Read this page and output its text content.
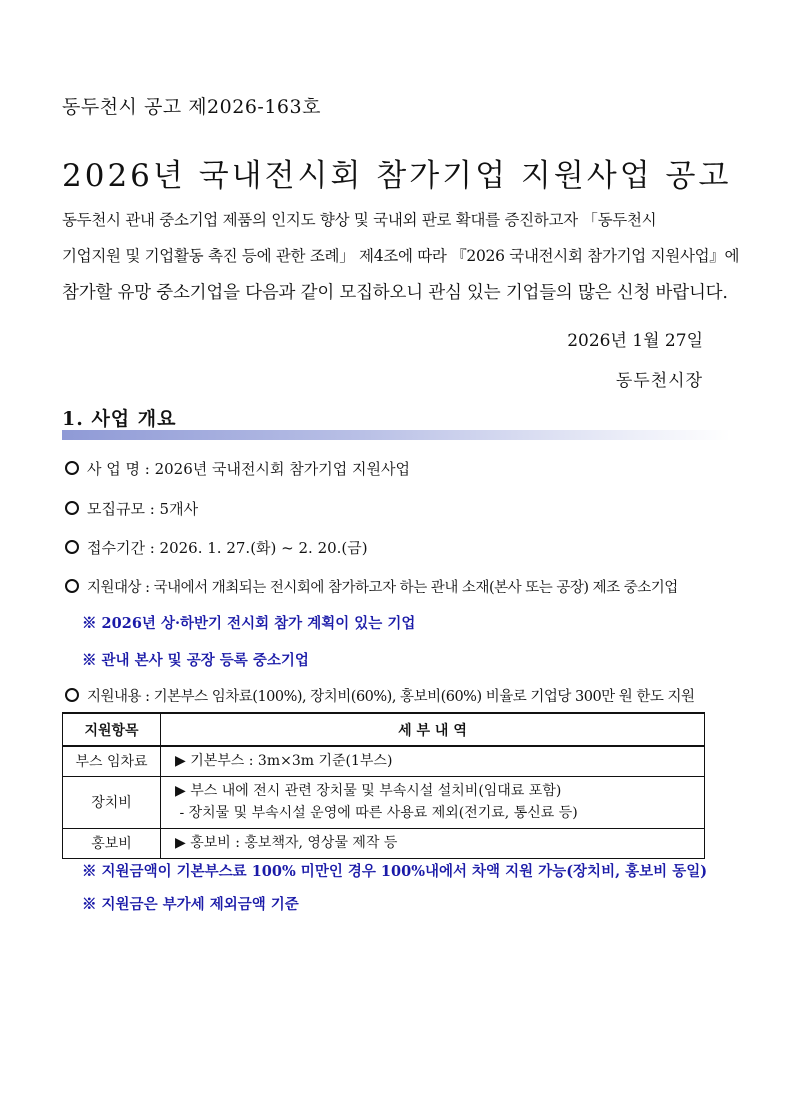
동두천시 공고 제2026-163호
2026년 국내전시회 참가기업 지원사업 공고
동두천시 관내 중소기업 제품의 인지도 향상 및 국내외 판로 확대를 증진하고자 「동두천시
기업지원 및 기업활동 촉진 등에 관한 조례」 제4조에 따라 『2026 국내전시회 참가기업 지원사업』에
참가할 유망 중소기업을 다음과 같이 모집하오니 관심 있는 기업들의 많은 신청 바랍니다.
2026년 1월 27일
동두천시장
1. 사업 개요
사 업 명 : 2026년 국내전시회 참가기업 지원사업
모집규모 : 5개사
접수기간 : 2026. 1. 27.(화) ~ 2. 20.(금)
지원대상 : 국내에서 개최되는 전시회에 참가하고자 하는 관내 소재(본사 또는 공장) 제조 중소기업
※ 2026년 상·하반기 전시회 참가 계획이 있는 기업
※ 관내 본사 및 공장 등록 중소기업
지원내용 : 기본부스 임차료(100%), 장치비(60%), 홍보비(60%) 비율로 기업당 300만 원 한도 지원
지원항목	세 부 내 역
부스 임차료	▶ 기본부스 : 3m×3m 기준(1부스)

장치비	▶ 부스 내에 전시 관련 장치물 및 부속시설 설치비(임대료 포함)
- 장치물 및 부속시설 운영에 따른 사용료 제외(전기료, 통신료 등)

홍보비	▶ 홍보비 : 홍보책자, 영상물 제작 등
※ 지원금액이 기본부스료 100% 미만인 경우 100%내에서 차액 지원 가능(장치비, 홍보비 동일)
※ 지원금은 부가세 제외금액 기준
